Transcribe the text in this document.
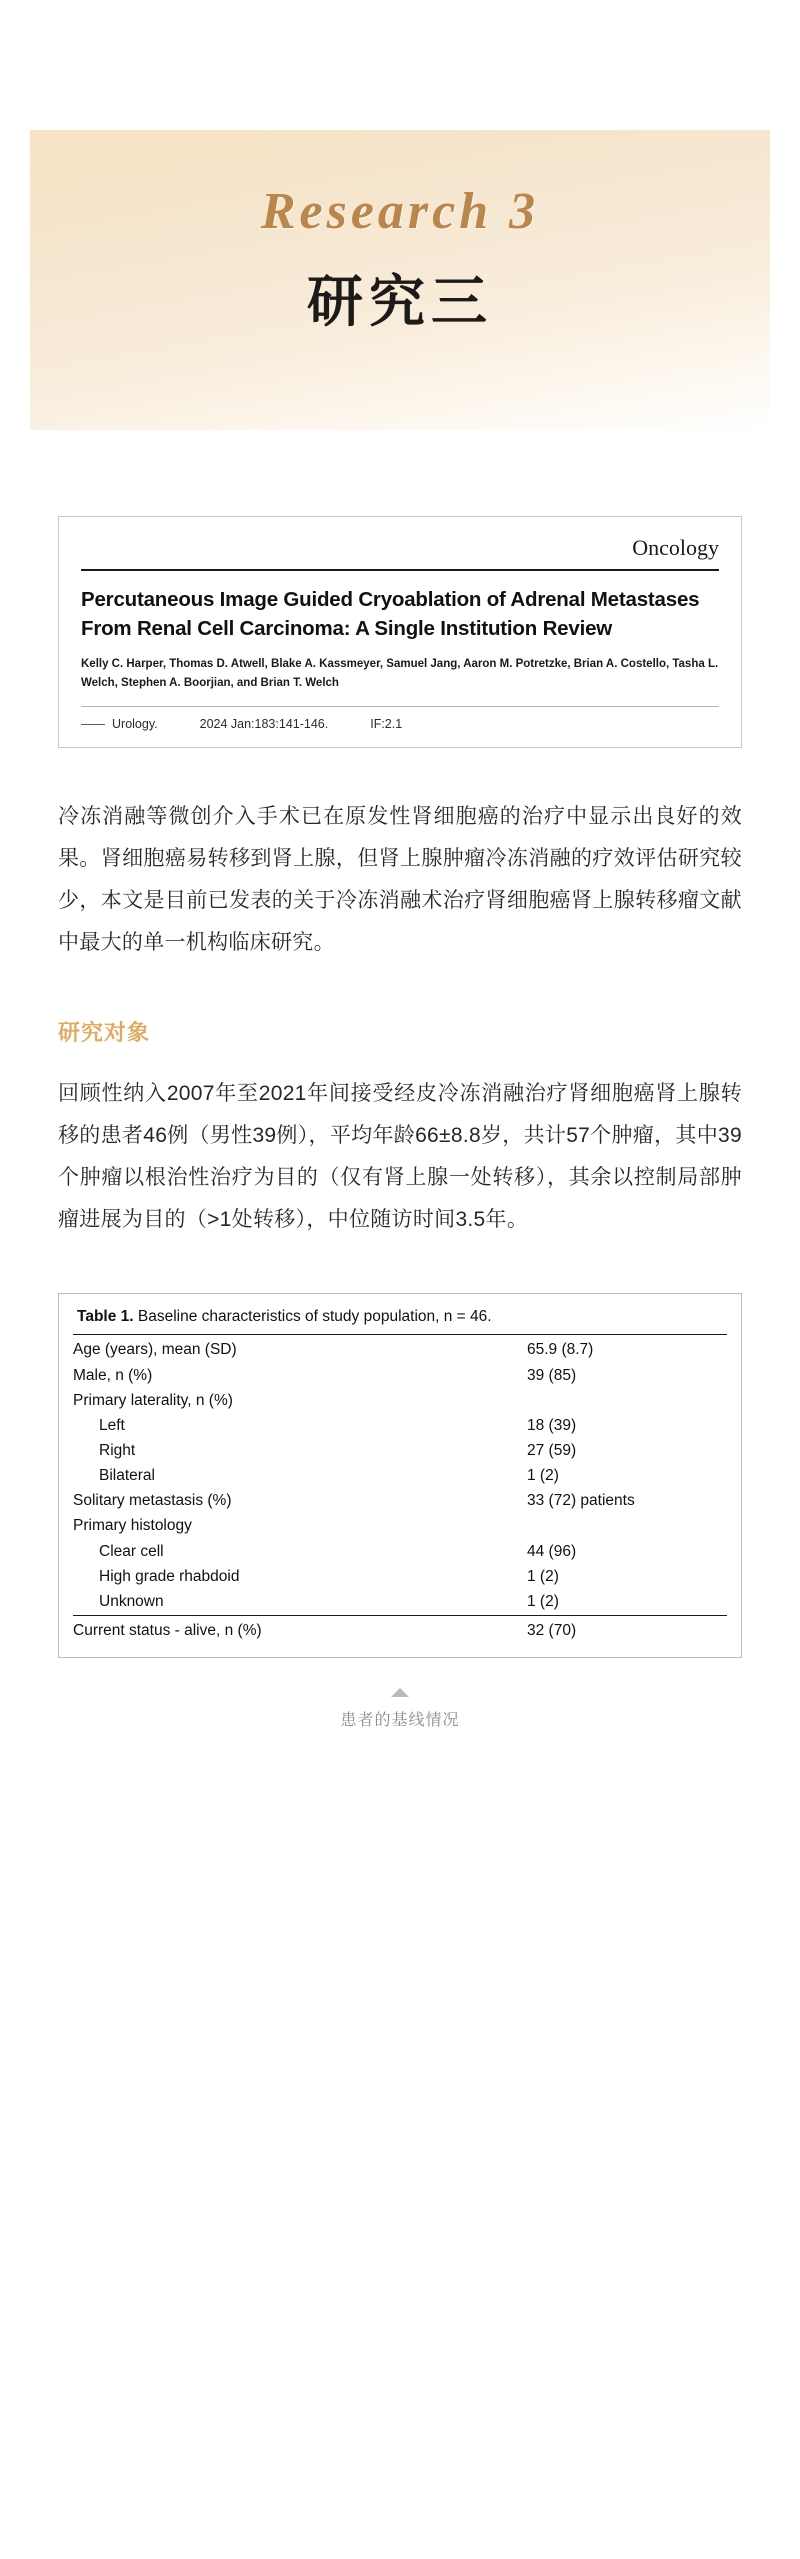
Research 3
研究三
Oncology
Percutaneous Image Guided Cryoablation of Adrenal Metastases From Renal Cell Carcinoma: A Single Institution Review
Kelly C. Harper, Thomas D. Atwell, Blake A. Kassmeyer, Samuel Jang, Aaron M. Potretzke, Brian A. Costello, Tasha L. Welch, Stephen A. Boorjian, and Brian T. Welch
—— Urology.	2024 Jan:183:141-146.	IF:2.1
冷冻消融等微创介入手术已在原发性肾细胞癌的治疗中显示出良好的效果。肾细胞癌易转移到肾上腺，但肾上腺肿瘤冷冻消融的疗效评估研究较少，本文是目前已发表的关于冷冻消融术治疗肾细胞癌肾上腺转移瘤文献中最大的单一机构临床研究。
研究对象
回顾性纳入2007年至2021年间接受经皮冷冻消融治疗肾细胞癌肾上腺转移的患者46例（男性39例），平均年龄66±8.8岁，共计57个肿瘤，其中39个肿瘤以根治性治疗为目的（仅有肾上腺一处转移），其余以控制局部肿瘤进展为目的（>1处转移），中位随访时间3.5年。
Table 1. Baseline characteristics of study population, n = 46.
Age (years), mean (SD)	65.9 (8.7)
Male, n (%)	39 (85)
Primary laterality, n (%)	
Left	18 (39)
Right	27 (59)
Bilateral	1 (2)
Solitary metastasis (%)	33 (72) patients
Primary histology	
Clear cell	44 (96)
High grade rhabdoid	1 (2)
Unknown	1 (2)
Current status - alive, n (%)	32 (70)
患者的基线情况
